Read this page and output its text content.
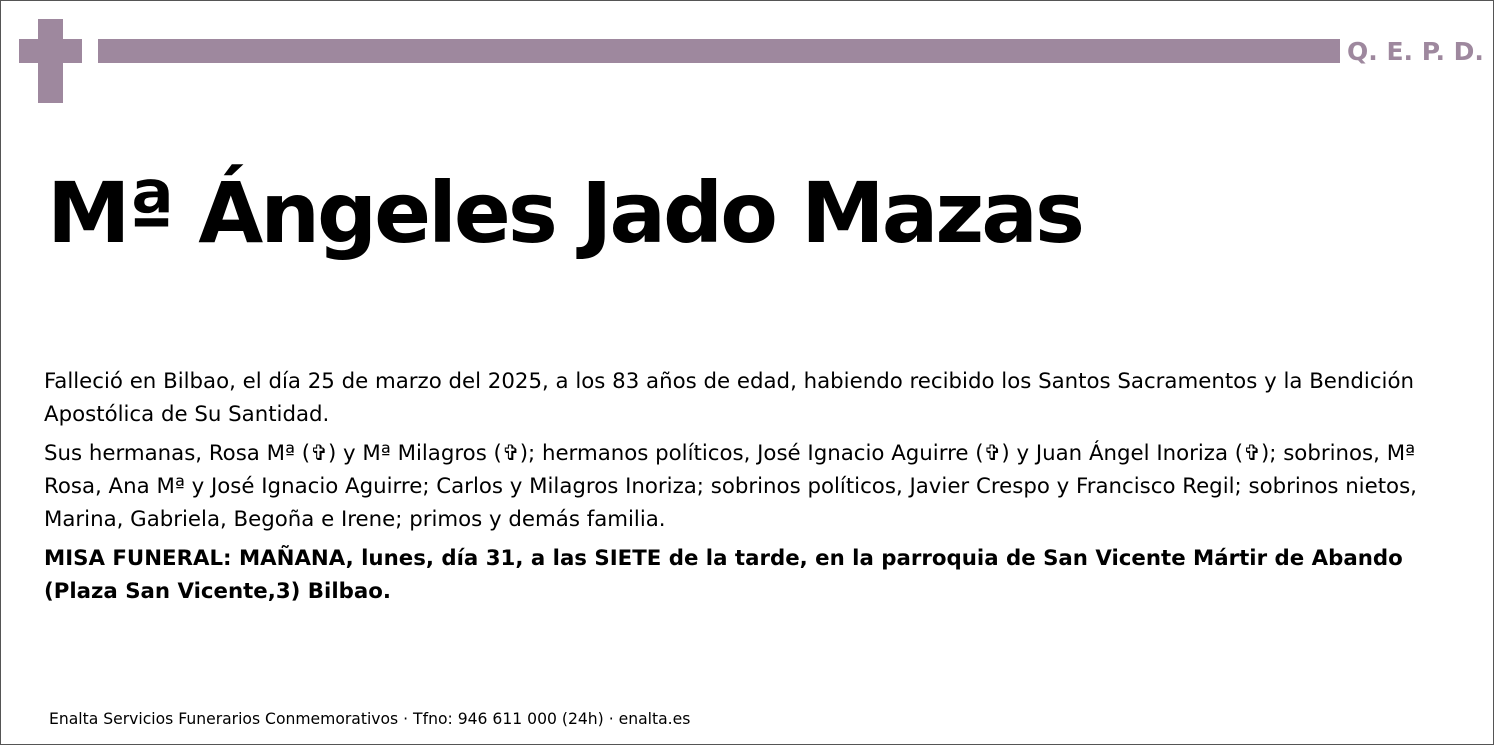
Q. E. P. D.
Mª Ángeles Jado Mazas

Falleció en Bilbao, el día 25 de marzo del 2025, a los 83 años de edad, habiendo recibido los Santos Sacramentos y la Bendición Apostólica de Su Santidad.

Sus hermanas, Rosa Mª (✞) y Mª Milagros (✞); hermanos políticos, José Ignacio Aguirre (✞) y Juan Ángel Inoriza (✞); sobrinos, Mª Rosa, Ana Mª y José Ignacio Aguirre; Carlos y Milagros Inoriza; sobrinos políticos, Javier Crespo y Francisco Regil; sobrinos nietos, Marina, Gabriela, Begoña e Irene; primos y demás familia.

MISA FUNERAL: MAÑANA, lunes, día 31, a las SIETE de la tarde, en la parroquia de San Vicente Mártir de Abando (Plaza San Vicente,3) Bilbao.

Enalta Servicios Funerarios Conmemorativos · Tfno: 946 611 000 (24h) · enalta.es
